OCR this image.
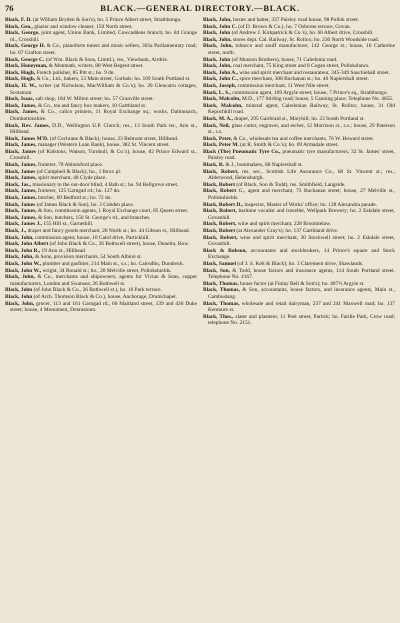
76	BLACK.—GENERAL DIRECTORY.—BLACK.

Black, F. D. (at William Bryden & Son's), bo. 5 Prince Albert street, Strathbungo.

Black, Geo., glazier and window cleaner, 150 North street.

Black, George, joint agent, Union Bank, Limited, Cowcaddens branch; bo. 84 Grange rd., Crosshill.

Black, George H. & Co., pianoforte tuners and music sellers, 303a Parliamentary road; ho. 67 Grafton street.

Black, George C. (of Wm. Black & Sons, Limtd.), res., Viewbank, Airdrie.

Black, Honeyman, & Monteath, writers, 88 West Regent street.

Black, Hugh, French polisher, 85 Pitt st.; ho. 9 do.

Black, Hugh, & Co., Ltd., bakers, 53 Main street, Gorbals; ho. 109 South Portland st.

Black, H. W., writer (at Nicholson, MacWilliam & Co.'s); ho. 20 Glencairn cottages, Scotstoun.

Black, Isaac, salt shop, 184 W. Milton street; ho. 57 Granville street.

Black, James, & Co., tea and fancy box makers, 10 Garthland st.

Black, James, & Co., calico printers, 11 Royal Exchange sq.; works, Dalmonach, Dumbartonshire.

Black, Rev. James, D.D., Wellington U.P. Church; res., 13 South Park ter., Ann st., Hillhead.

Black, James M'D. (of Cochrane & Black); house, 23 Belmont street, Hillhead.

Black, James, manager (Western Loan Bank), house, 382 St. Vincent street.

Black, James (of Kidstons, Watson, Turnbull, & Co.'s), house, 82 Prince Edward st., Crosshill.

Black, James, fruiterer, 70 Abbotsford place.

Black, James (of Campbell & Black), ho., 1 Ibrox pl.

Black, James, spirit merchant, 48 Clyde place.

Black, Jas., missionary to the out-door blind, 4 Bath st.; ho. 94 Bellgrove street.

Black, James, fruiterer, 125 Garngad rd.; ho. 127 do.

Black, James, butcher, 69 Bedford st.; ho. 72 do.

Black, James (of James Black & Son), ho. 3 Cobden place.

Black, James, & Son, commission agents, 1 Royal Exchange court, 85 Queen street.

Black, James, & Son, butchers, 156 St. George's rd., and branches.

Black, James J., 155 Hill st., Garnethill.

Black, J., draper and fancy goods merchant, 28 North st.; ho. 44 Gibson st., Hillhead.

Black, John, commission agent; house, 10 Caird drive, Partickhill.

Black, John Albert (of John Black & Co., 26 Bothwell street), house, Dunelra, Row.

Black, John R., 19 Ann st., Hillhead.

Black, John, & Sons, provision merchants, 54 South Albion st.

Black, John W., plumber and gasfitter, 214 Main st., s.s.; ho. Cairndhu, Dundreck.

Black, John W., wright, 34 Ronald st.; ho., 20 Melville street, Pollokshields.

Black, John, & Co., merchants and shipowners, agents for Vivian & Sons, copper manufacturers, London and Swansea; 26 Bothwell st.

Black, John (of John Black & Co., 26 Bothwell st.), ho. 16 Park terrace.

Black, John (of Arch. Thomson Black & Co.), house, Anchorage, Drumchapel.

Black, John, grocer, 113 and 161 Garngad rd., 66 Maitland street, 139 and 430 Duke street; house, 4 Monument, Dennistoun.

Black, John, bosier and hatter, 337 Paisley road house, 98 Pollok street.

Black, John C. (of D. Brown & Co.), ho. 7 Osborne terrace, Govan.

Black, John (of Andrew J. Kirkpatrick & Co.'s), ho. 60 Albert drive, Crosshill.

Black, John, stores dept. Cal. Railway, St. Rollox; ho. 230 North Woodside road.

Black, John, tobacco and snuff manufacturer, 142 George st.; house, 16 Catherine street, north.

Black, John (of Munson Brothers), house, 71 Caledonia road.

Black, John, coal merchant, 75 King street and 8 Cogan street, Pollokshaws.

Black, John A., wine and spirit merchant and restaurateur, 345-349 Sauchiehall street.

Black, John C., spice merchant, 308 Buchanan st.; ho. 40 Napiershall street.

Black, Joseph, commission merchant, 11 West Nile street.

Black, L. S., commission agent, 109 Argyle street; house, 7 Prince's sq., Strathbungo.

Black, Malcolm, M.D., 177 Stirling road; house, 5 Canning place. Telephone No. 4855.

Black, Malcolm, mineral agent, Caledonian Railway, St. Rollox; house, 31 Old Kepochhill road.

Black, M. A., draper, 295 Gairbraid st., Maryhill; ho. 23 South Portland st.

Black, Neil, glass cutter, engraver, and etcher, 12 Morrison st., s.s.; house, 29 Paterson st., s.s.

Black, Peter, & Co., wholesale tea and coffee merchants, 76 W. Howard street.

Black, Peter M. (at R. Smith & Co.'s); ho. 69 Armadale street.

Black (The) Pneumatic Tyre Co., pneumatic tyre manufacturers, 32 St. James' street, Paisley road.

Black, R. & J., bootmakers, 88 Napiershall st.

Black, Robert, res. sec., Scottish Life Assurance Co., 68 St. Vincent st.; res., Alderwood, Helensburgh.

Black, Robert (of Black, Son & Todd), res. Smithfield, Langside.

Black, Robert G., agent and merchant, 73 Buchanan street; house, 27 Melville st., Pollokshields.

Black, Robert D., inspector, Master of Works' office; ho. 128 Alexandra parade.

Black, Robert, baritone vocalist and traveller, Wellpark Brewery; ho. 2 Eskdale street, Govanhill.

Black, Robert, wine and spirit merchant, 228 Broomielaw.

Black, Robert (at Alexander Gray's); ho. 137 Garthland drive.

Black, Robert, wine and spirit merchant, 30 Stockwell street; ho. 2 Eskdale street, Govanhill.

Black & Robson, accountants and stockbrokers, 14 Prince's square and Stock Exchange.

Black, Samuel (of J. S. Kelt & Black); ho. 3 Clarement drive, Shawlands.

Black, Son, & Todd, house factors and insurance agents, 114 South Portland street. Telephone No. 4167.

Black, Thomas, house factor (at Finlay Bell & Son's); ho. 407½ Argyle st.

Black, Thomas, & Son, accountants, house factors, and insurance agents, Main st., Cambuslang.

Black, Thomas, wholesale and retail dairyman, 237 and 241 Maxwell road; ho. 137 Kenmure st.

Black, Thos., slater and plasterer, 11 Peel street, Partick; ho. Fairlie Park, Crow road; telephone No. 2151.
